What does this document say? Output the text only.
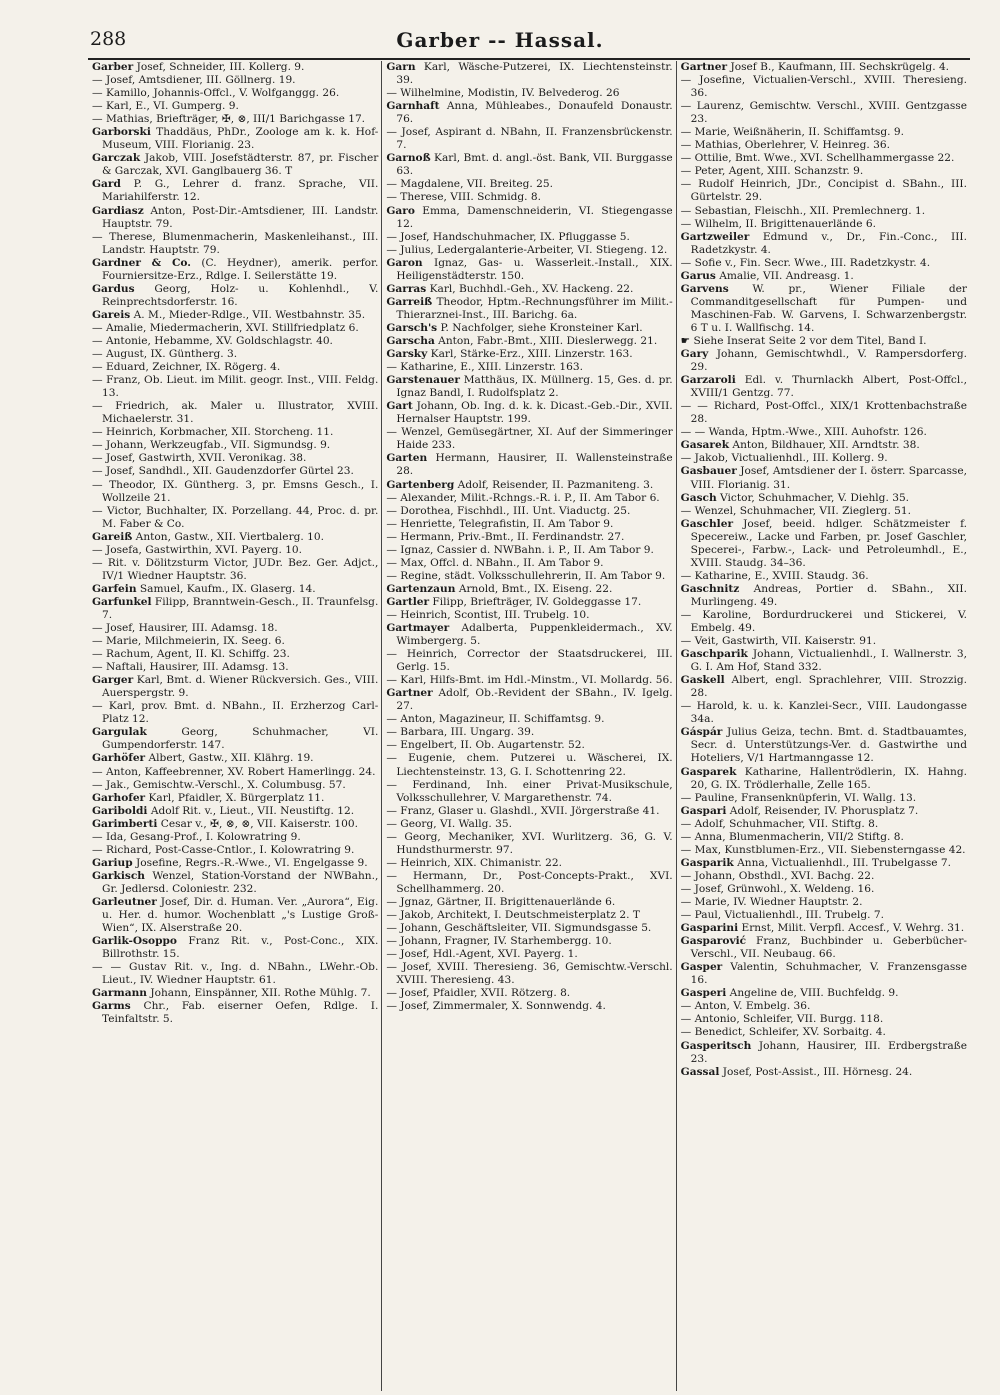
288	Garber -- Hassal.
Garber Josef, Schneider, III. Kollerg. 9.
— Josef, Amtsdiener, III. Göllnerg. 19.
— Kamillo, Johannis-Offcl., V. Wolfganggg. 26.
— Karl, E., VI. Gumperg. 9.
— Mathias, Briefträger, ✠, ⊗, III/1 Barichgasse 17.
Garborski Thaddäus, PhDr., Zoologe am k. k. Hof-Museum, VIII. Florianig. 23.
Garczak Jakob, VIII. Josefstädterstr. 87, pr. Fischer & Garczak, XVI. Ganglbauerg 36. T
Gard P. G., Lehrer d. franz. Sprache, VII. Mariahilferstr. 12.
Gardiasz Anton, Post-Dir.-Amtsdiener, III. Landstr. Hauptstr. 79.
— Therese, Blumenmacherin, Maskenleihanst., III. Landstr. Hauptstr. 79.
Gardner & Co. (C. Heydner), amerik. perfor. Fourniersitze-Erz., Rdlge. I. Seilerstätte 19.
Gardus Georg, Holz- u. Kohlenhdl., V. Reinprechtsdorferstr. 16.
Gareis A. M., Mieder-Rdlge., VII. Westbahnstr. 35.
— Amalie, Miedermacherin, XVI. Stillfriedplatz 6.
— Antonie, Hebamme, XV. Goldschlagstr. 40.
— August, IX. Güntherg. 3.
— Eduard, Zeichner, IX. Rögerg. 4.
— Franz, Ob. Lieut. im Milit. geogr. Inst., VIII. Feldg. 13.
— Friedrich, ak. Maler u. Illustrator, XVIII. Michaelerstr. 31.
— Heinrich, Korbmacher, XII. Storcheng. 11.
— Johann, Werkzeugfab., VII. Sigmundsg. 9.
— Josef, Gastwirth, XVII. Veronikag. 38.
— Josef, Sandhdl., XII. Gaudenzdorfer Gürtel 23.
— Theodor, IX. Güntherg. 3, pr. Emsns Gesch., I. Wollzeile 21.
— Victor, Buchhalter, IX. Porzellang. 44, Proc. d. pr. M. Faber & Co.
Gareiß Anton, Gastw., XII. Viertbalerg. 10.
— Josefa, Gastwirthin, XVI. Payerg. 10.
— Rit. v. Dölitzsturm Victor, JUDr. Bez. Ger. Adjct., IV/1 Wiedner Hauptstr. 36.
Garfein Samuel, Kaufm., IX. Glaserg. 14.
Garfunkel Filipp, Branntwein-Gesch., II. Traunfelsg. 7.
— Josef, Hausirer, III. Adamsg. 18.
— Marie, Milchmeierin, IX. Seeg. 6.
— Rachum, Agent, II. Kl. Schiffg. 23.
— Naftali, Hausirer, III. Adamsg. 13.
Garger Karl, Bmt. d. Wiener Rückversich. Ges., VIII. Auerspergstr. 9.
— Karl, prov. Bmt. d. NBahn., II. Erzherzog Carl-Platz 12.
Gargulak Georg, Schuhmacher, VI. Gumpendorferstr. 147.
Garhöfer Albert, Gastw., XII. Klährg. 19.
— Anton, Kaffeebrenner, XV. Robert Hamerlingg. 24.
— Jak., Gemischtw.-Verschl., X. Columbusg. 57.
Garhofer Karl, Pfaidler, X. Bürgerplatz 11.
Gariboldi Adolf Rit. v., Lieut., VII. Neustiftg. 12.
Garimberti Cesar v., ✠, ⊗, ⊗, VII. Kaiserstr. 100.
— Ida, Gesang-Prof., I. Kolowratring 9.
— Richard, Post-Casse-Cntlor., I. Kolowratring 9.
Gariup Josefine, Regrs.-R.-Wwe., VI. Engelgasse 9.
Garkisch Wenzel, Station-Vorstand der NWBahn., Gr. Jedlersd. Coloniestr. 232.
Garleutner Josef, Dir. d. Human. Ver. „Aurora“, Eig. u. Her. d. humor. Wochenblatt „'s Lustige Groß-Wien“, IX. Alserstraße 20.
Garlik-Osoppo Franz Rit. v., Post-Conc., XIX. Billrothstr. 15.
— — Gustav Rit. v., Ing. d. NBahn., LWehr.-Ob. Lieut., IV. Wiedner Hauptstr. 61.
Garmann Johann, Einspänner, XII. Rothe Mühlg. 7.
Garms Chr., Fab. eiserner Oefen, Rdlge. I. Teinfaltstr. 5.
Garn Karl, Wäsche-Putzerei, IX. Liechtensteinstr. 39.
— Wilhelmine, Modistin, IV. Belvederog. 26
Garnhaft Anna, Mühleabes., Donaufeld Donaustr. 76.
— Josef, Aspirant d. NBahn, II. Franzensbrückenstr. 7.
Garnoß Karl, Bmt. d. angl.-öst. Bank, VII. Burggasse 63.
— Magdalene, VII. Breiteg. 25.
— Therese, VIII. Schmidg. 8.
Garo Emma, Damenschneiderin, VI. Stiegengasse 12.
— Josef, Handschuhmacher, IX. Pfluggasse 5.
— Julius, Ledergalanterie-Arbeiter, VI. Stiegeng. 12.
Garon Ignaz, Gas- u. Wasserleit.-Install., XIX. Heiligenstädterstr. 150.
Garras Karl, Buchhdl.-Geh., XV. Hackeng. 22.
Garreiß Theodor, Hptm.-Rechnungsführer im Milit.-Thierarznei-Inst., III. Barichg. 6a.
Garsch's P. Nachfolger, siehe Kronsteiner Karl.
Garscha Anton, Fabr.-Bmt., XIII. Dieslerwegg. 21.
Garsky Karl, Stärke-Erz., XIII. Linzerstr. 163.
— Katharine, E., XIII. Linzerstr. 163.
Garstenauer Matthäus, IX. Müllnerg. 15, Ges. d. pr. Ignaz Bandl, I. Rudolfsplatz 2.
Gart Johann, Ob. Ing. d. k. k. Dicast.-Geb.-Dir., XVII. Hernalser Hauptstr. 199.
— Wenzel, Gemüsegärtner, XI. Auf der Simmeringer Haide 233.
Garten Hermann, Hausirer, II. Wallensteinstraße 28.
Gartenberg Adolf, Reisender, II. Pazmaniteng. 3.
— Alexander, Milit.-Rchngs.-R. i. P., II. Am Tabor 6.
— Dorothea, Fischhdl., III. Unt. Viaductg. 25.
— Henriette, Telegrafistin, II. Am Tabor 9.
— Hermann, Priv.-Bmt., II. Ferdinandstr. 27.
— Ignaz, Cassier d. NWBahn. i. P., II. Am Tabor 9.
— Max, Offcl. d. NBahn., II. Am Tabor 9.
— Regine, städt. Volksschullehrerin, II. Am Tabor 9.
Gartenzaun Arnold, Bmt., IX. Eiseng. 22.
Gartler Filipp, Briefträger, IV. Goldeggasse 17.
— Heinrich, Scontist, III. Trubelg. 10.
Gartmayer Adalberta, Puppenkleidermach., XV. Wimbergerg. 5.
— Heinrich, Corrector der Staatsdruckerei, III. Gerlg. 15.
— Karl, Hilfs-Bmt. im Hdl.-Minstm., VI. Mollardg. 56.
Gartner Adolf, Ob.-Revident der SBahn., IV. Igelg. 27.
— Anton, Magazineur, II. Schiffamtsg. 9.
— Barbara, III. Ungarg. 39.
— Engelbert, II. Ob. Augartenstr. 52.
— Eugenie, chem. Putzerei u. Wäscherei, IX. Liechtensteinstr. 13, G. I. Schottenring 22.
— Ferdinand, Inh. einer Privat-Musikschule, Volksschullehrer, V. Margarethenstr. 74.
— Franz, Glaser u. Glashdl., XVII. Jörgerstraße 41.
— Georg, VI. Wallg. 35.
— Georg, Mechaniker, XVI. Wurlitzerg. 36, G. V. Hundsthurmerstr. 97.
— Heinrich, XIX. Chimanistr. 22.
— Hermann, Dr., Post-Concepts-Prakt., XVI. Schellhammerg. 20.
— Jgnaz, Gärtner, II. Brigittenauerlände 6.
— Jakob, Architekt, I. Deutschmeisterplatz 2. T
— Johann, Geschäftsleiter, VII. Sigmundsgasse 5.
— Johann, Fragner, IV. Starhembergg. 10.
— Josef, Hdl.-Agent, XVI. Payerg. 1.
— Josef, XVIII. Theresieng. 36, Gemischtw.-Verschl. XVIII. Theresieng. 43.
— Josef, Pfaidler, XVII. Rötzerg. 8.
— Josef, Zimmermaler, X. Sonnwendg. 4.
Gartner Josef B., Kaufmann, III. Sechskrügelg. 4.
— Josefine, Victualien-Verschl., XVIII. Theresieng. 36.
— Laurenz, Gemischtw. Verschl., XVIII. Gentzgasse 23.
— Marie, Weißnäherin, II. Schiffamtsg. 9.
— Mathias, Oberlehrer, V. Heinreg. 36.
— Ottilie, Bmt. Wwe., XVI. Schellhammergasse 22.
— Peter, Agent, XIII. Schanzstr. 9.
— Rudolf Heinrich, JDr., Concipist d. SBahn., III. Gürtelstr. 29.
— Sebastian, Fleischh., XII. Premlechnerg. 1.
— Wilhelm, II. Brigittenauerlände 6.
Gartzweiler Edmund v., Dr., Fin.-Conc., III. Radetzkystr. 4.
— Sofie v., Fin. Secr. Wwe., III. Radetzkystr. 4.
Garus Amalie, VII. Andreasg. 1.
Garvens W. pr., Wiener Filiale der Commanditgesellschaft für Pumpen- und Maschinen-Fab. W. Garvens, I. Schwarzenbergstr. 6 T u. I. Wallfischg. 14.
☛ Siehe Inserat Seite 2 vor dem Titel, Band I.
Gary Johann, Gemischtwhdl., V. Rampersdorferg. 29.
Garzaroli Edl. v. Thurnlackh Albert, Post-Offcl., XVIII/1 Gentzg. 77.
— — Richard, Post-Offcl., XIX/1 Krottenbachstraße 28.
— — Wanda, Hptm.-Wwe., XIII. Auhofstr. 126.
Gasarek Anton, Bildhauer, XII. Arndtstr. 38.
— Jakob, Victualienhdl., III. Kollerg. 9.
Gasbauer Josef, Amtsdiener der I. österr. Sparcasse, VIII. Florianig. 31.
Gasch Victor, Schuhmacher, V. Diehlg. 35.
— Wenzel, Schuhmacher, VII. Zieglerg. 51.
Gaschler Josef, beeid. hdlger. Schätzmeister f. Specereiw., Lacke und Farben, pr. Josef Gaschler, Specerei-, Farbw.-, Lack- und Petroleumhdl., E., XVIII. Staudg. 34–36.
— Katharine, E., XVIII. Staudg. 36.
Gaschnitz Andreas, Portier d. SBahn., XII. Murlingeng. 49.
— Karoline, Bordurdruckerei und Stickerei, V. Embelg. 49.
— Veit, Gastwirth, VII. Kaiserstr. 91.
Gaschparik Johann, Victualienhdl., I. Wallnerstr. 3, G. I. Am Hof, Stand 332.
Gaskell Albert, engl. Sprachlehrer, VIII. Strozzig. 28.
— Harold, k. u. k. Kanzlei-Secr., VIII. Laudongasse 34a.
Gáspár Julius Geiza, techn. Bmt. d. Stadtbauamtes, Secr. d. Unterstützungs-Ver. d. Gastwirthe und Hoteliers, V/1 Hartmanngasse 12.
Gasparek Katharine, Hallentrödlerin, IX. Hahng. 20, G. IX. Trödlerhalle, Zelle 165.
— Pauline, Fransenknüpferin, VI. Wallg. 13.
Gaspari Adolf, Reisender, IV. Phorusplatz 7.
— Adolf, Schuhmacher, VII. Stiftg. 8.
— Anna, Blumenmacherin, VII/2 Stiftg. 8.
— Max, Kunstblumen-Erz., VII. Siebensterngasse 42.
Gasparik Anna, Victualienhdl., III. Trubelgasse 7.
— Johann, Obsthdl., XVI. Bachg. 22.
— Josef, Grünwohl., X. Weldeng. 16.
— Marie, IV. Wiedner Hauptstr. 2.
— Paul, Victualienhdl., III. Trubelg. 7.
Gasparini Ernst, Milit. Verpfl. Accesf., V. Wehrg. 31.
Gasparović Franz, Buchbinder u. Geberbücher-Verschl., VII. Neubaug. 66.
Gasper Valentin, Schuhmacher, V. Franzensgasse 16.
Gasperi Angeline de, VIII. Buchfeldg. 9.
— Anton, V. Embelg. 36.
— Antonio, Schleifer, VII. Burgg. 118.
— Benedict, Schleifer, XV. Sorbaitg. 4.
Gasperitsch Johann, Hausirer, III. Erdbergstraße 23.
Gassal Josef, Post-Assist., III. Hörnesg. 24.
